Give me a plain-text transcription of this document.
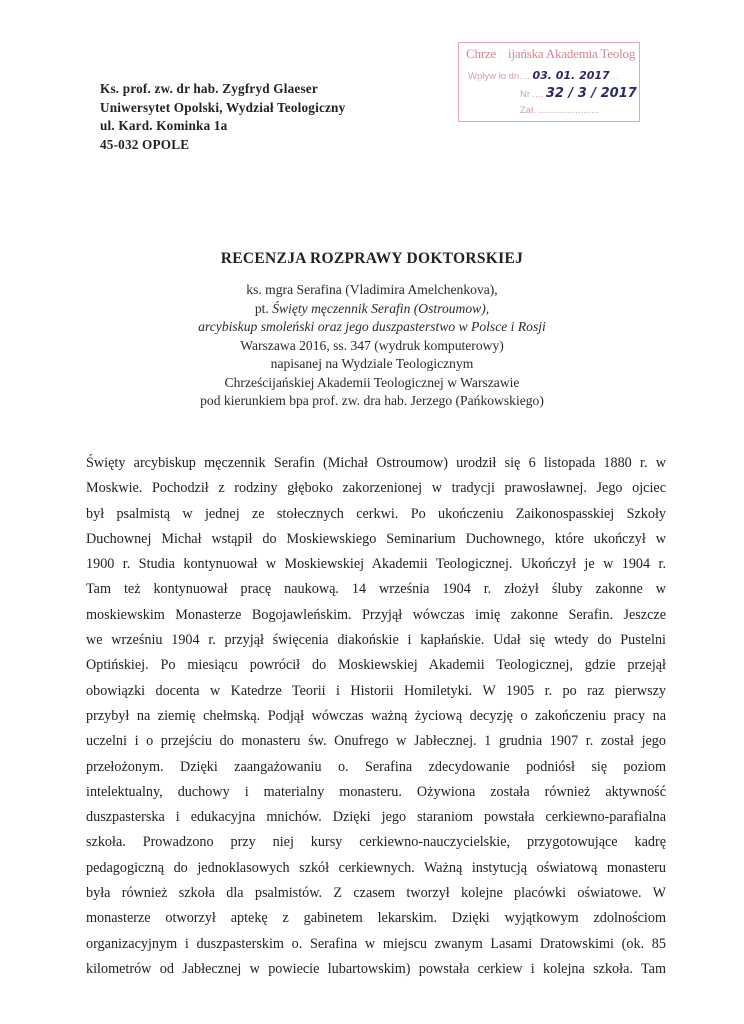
Ks. prof. zw. dr hab. Zygfryd Glaeser
Uniwersytet Opolski, Wydział Teologiczny
ul. Kard. Kominka 1a
45-032 OPOLE
Chrze ijańska Akademia Teolog
Wpływ ło dn. .. 03. 01. 2017...
Nr .... 32 / 3 / 2017
Zał. .......................
RECENZJA ROZPRAWY DOKTORSKIEJ
ks. mgra Serafina (Vladimira Amelchenkova),
pt. Święty męczennik Serafin (Ostroumow),
arcybiskup smoleński oraz jego duszpasterstwo w Polsce i Rosji
Warszawa 2016, ss. 347 (wydruk komputerowy)
napisanej na Wydziale Teologicznym
Chrześcijańskiej Akademii Teologicznej w Warszawie
pod kierunkiem bpa prof. zw. dra hab. Jerzego (Pańkowskiego)
Święty arcybiskup męczennik Serafin (Michał Ostroumow) urodził się 6 listopada 1880 r. w
Moskwie. Pochodził z rodziny głęboko zakorzenionej w tradycji prawosławnej. Jego ojciec
był psalmistą w jednej ze stołecznych cerkwi. Po ukończeniu Zaikonospasskiej Szkoły
Duchownej Michał wstąpił do Moskiewskiego Seminarium Duchownego, które ukończył w
1900 r. Studia kontynuował w Moskiewskiej Akademii Teologicznej. Ukończył je w 1904 r.
Tam też kontynuował pracę naukową. 14 września 1904 r. złożył śluby zakonne w
moskiewskim Monasterze Bogojawleńskim. Przyjął wówczas imię zakonne Serafin. Jeszcze
we wrześniu 1904 r. przyjął święcenia diakońskie i kapłańskie. Udał się wtedy do Pustelni
Optińskiej. Po miesiącu powrócił do Moskiewskiej Akademii Teologicznej, gdzie przejął
obowiązki docenta w Katedrze Teorii i Historii Homiletyki. W 1905 r. po raz pierwszy
przybył na ziemię chełmską. Podjął wówczas ważną życiową decyzję o zakończeniu pracy na
uczelni i o przejściu do monasteru św. Onufrego w Jabłecznej. 1 grudnia 1907 r. został jego
przełożonym. Dzięki zaangażowaniu o. Serafina zdecydowanie podniósł się poziom
intelektualny, duchowy i materialny monasteru. Ożywiona została również aktywność
duszpasterska i edukacyjna mnichów. Dzięki jego staraniom powstała cerkiewno-parafialna
szkoła. Prowadzono przy niej kursy cerkiewno-nauczycielskie, przygotowujące kadrę
pedagogiczną do jednoklasowych szkół cerkiewnych. Ważną instytucją oświatową monasteru
była również szkoła dla psalmistów. Z czasem tworzył kolejne placówki oświatowe. W
monasterze otworzył aptekę z gabinetem lekarskim. Dzięki wyjątkowym zdolnościom
organizacyjnym i duszpasterskim o. Serafina w miejscu zwanym Lasami Dratowskimi (ok. 85
kilometrów od Jabłecznej w powiecie lubartowskim) powstała cerkiew i kolejna szkoła. Tam
